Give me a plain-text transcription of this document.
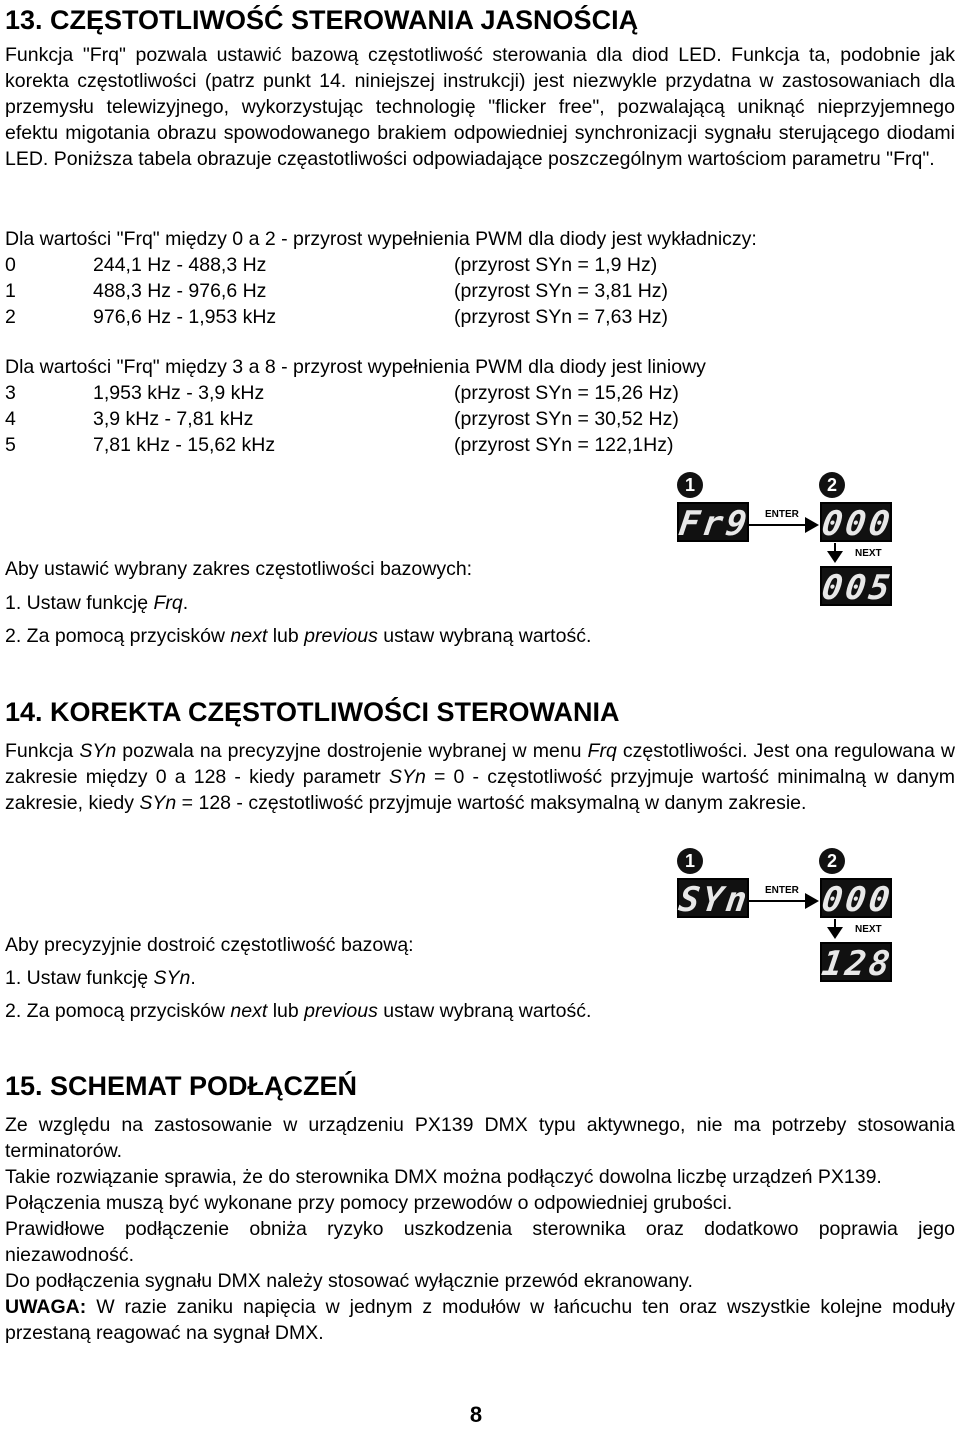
13. CZĘSTOTLIWOŚĆ STEROWANIA JASNOŚCIĄ

Funkcja "Frq" pozwala ustawić bazową częstotliwość sterowania dla diod LED. Funkcja ta, podobnie jak korekta częstotliwości (patrz punkt 14. niniejszej instrukcji) jest niezwykle przydatna w zastosowaniach dla przemysłu telewizyjnego, wykorzystując technologię "flicker free", pozwalającą uniknąć nieprzyjemnego efektu migotania obrazu spowodowanego brakiem odpowiedniej synchronizacji sygnału sterującego diodami LED. Poniższa tabela obrazuje częastotliwości odpowiadające poszczególnym wartościom parametru "Frq".

Dla wartości "Frq" między 0 a 2 - przyrost wypełnienia PWM dla diody jest wykładniczy:

0	244,1 Hz - 488,3 Hz	(przyrost SYn = 1,9 Hz)
1	488,3 Hz - 976,6 Hz	(przyrost SYn = 3,81 Hz)
2	976,6 Hz - 1,953 kHz	(przyrost SYn = 7,63 Hz)

Dla wartości "Frq" między 3 a 8 - przyrost wypełnienia PWM dla diody jest liniowy

3	1,953 kHz - 3,9 kHz	(przyrost SYn = 15,26 Hz)
4	3,9 kHz - 7,81 kHz	(przyrost SYn = 30,52 Hz)
5	7,81 kHz - 15,62 kHz	(przyrost SYn = 122,1Hz)

Aby ustawić wybrany zakres częstotliwości bazowych:

1. Ustaw funkcję Frq.

2. Za pomocą przycisków next lub previous ustaw wybraną wartość.

1	2
Fr9 ENTER 000
NEXT
005
14. KOREKTA CZĘSTOTLIWOŚCI STEROWANIA

Funkcja SYn pozwala na precyzyjne dostrojenie wybranej w menu Frq częstotliwości. Jest ona regulowana w zakresie między 0 a 128 - kiedy parametr SYn = 0 - częstotliwość przyjmuje wartość minimalną w danym zakresie, kiedy SYn = 128 - częstotliwość przyjmuje wartość maksymalną w danym zakresie.

Aby precyzyjnie dostroić częstotliwość bazową:

1. Ustaw funkcję SYn.

2. Za pomocą przycisków next lub previous ustaw wybraną wartość.

1	2
SYn ENTER 000
NEXT
128
15. SCHEMAT PODŁĄCZEŃ

Ze względu na zastosowanie w urządzeniu PX139 DMX typu aktywnego, nie ma potrzeby stosowania terminatorów.

Takie rozwiązanie sprawia, że do sterownika DMX można podłączyć dowolna liczbę urządzeń PX139.

Połączenia muszą być wykonane przy pomocy przewodów o odpowiedniej grubości.

Prawidłowe podłączenie obniża ryzyko uszkodzenia sterownika oraz dodatkowo poprawia jego niezawodność.

Do podłączenia sygnału DMX należy stosować wyłącznie przewód ekranowany.

UWAGA: W razie zaniku napięcia w jednym z modułów w łańcuchu ten oraz wszystkie kolejne moduły przestaną reagować na sygnał DMX.

8
